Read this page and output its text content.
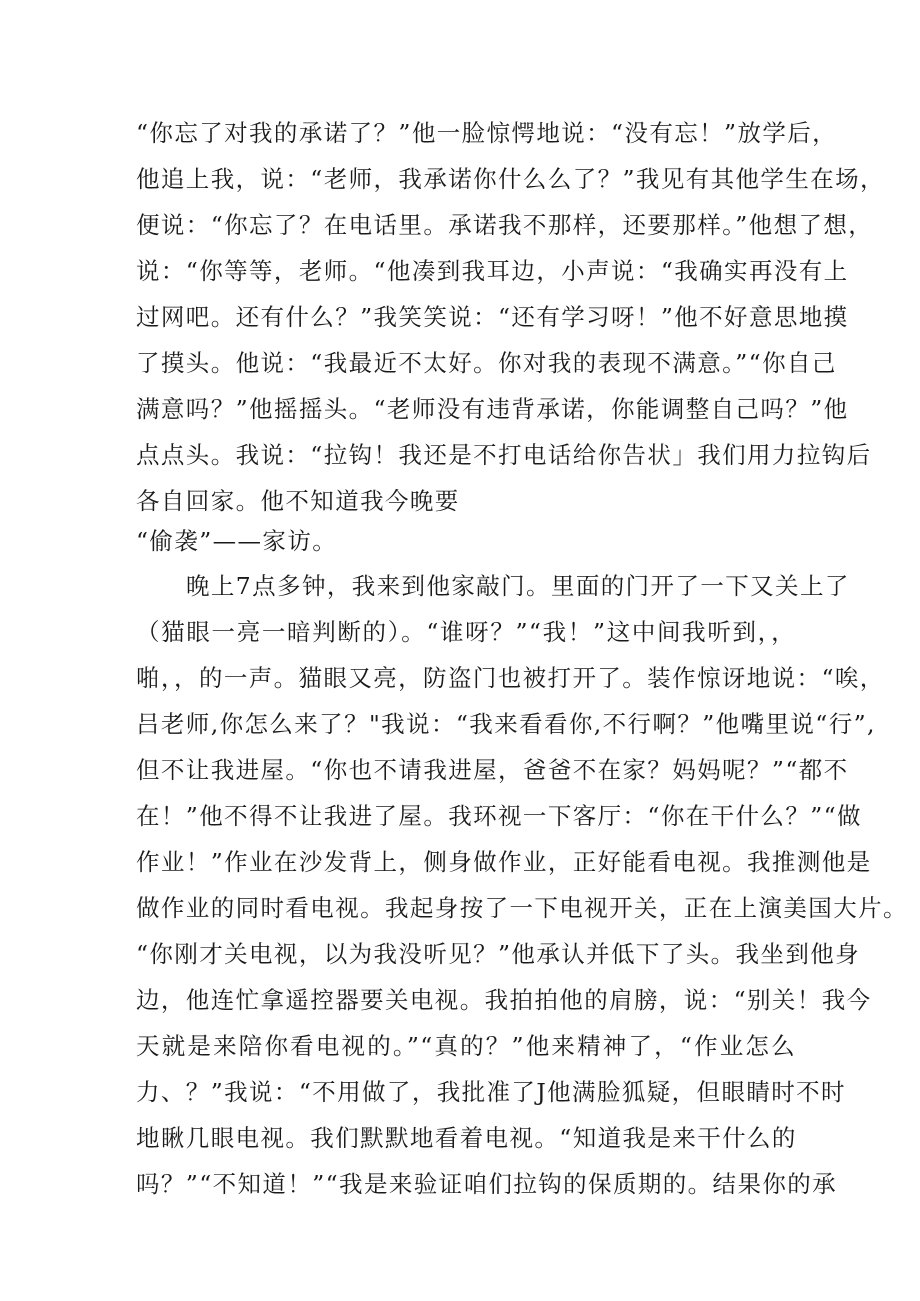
“你忘了对我的承诺了？”他一脸惊愕地说：“没有忘！”放学后，
他追上我，说：“老师，我承诺你什么么了？”我见有其他学生在场，
便说：“你忘了？在电话里。承诺我不那样，还要那样。”他想了想，
说：“你等等，老师。“他凑到我耳边，小声说：“我确实再没有上
过网吧。还有什么？”我笑笑说：“还有学习呀！”他不好意思地摸
了摸头。他说：“我最近不太好。你对我的表现不满意。”“你自己
满意吗？”他摇摇头。“老师没有违背承诺，你能调整自己吗？”他
点点头。我说：“拉钩！我还是不打电话给你告状」我们用力拉钩后
各自回家。他不知道我今晚要
“偷袭”——家访。
晚上7点多钟，我来到他家敲门。里面的门开了一下又关上了
（猫眼一亮一暗判断的）。“谁呀？”“我！”这中间我听到，，
啪，，的一声。猫眼又亮，防盗门也被打开了。装作惊讶地说：“唉，
吕老师,你怎么来了？"我说：“我来看看你,不行啊？”他嘴里说“行”,
但不让我进屋。“你也不请我进屋，爸爸不在家？妈妈呢？”“都不
在！”他不得不让我进了屋。我环视一下客厅：“你在干什么？”“做
作业！”作业在沙发背上，侧身做作业，正好能看电视。我推测他是
做作业的同时看电视。我起身按了一下电视开关，正在上演美国大片。
“你刚才关电视，以为我没听见？”他承认并低下了头。我坐到他身
边，他连忙拿遥控器要关电视。我拍拍他的肩膀，说：“别关！我今
天就是来陪你看电视的。”“真的？”他来精神了，“作业怎么
力、？”我说：“不用做了，我批准了J他满脸狐疑，但眼睛时不时
地瞅几眼电视。我们默默地看着电视。“知道我是来干什么的
吗？”“不知道！”“我是来验证咱们拉钩的保质期的。结果你的承
